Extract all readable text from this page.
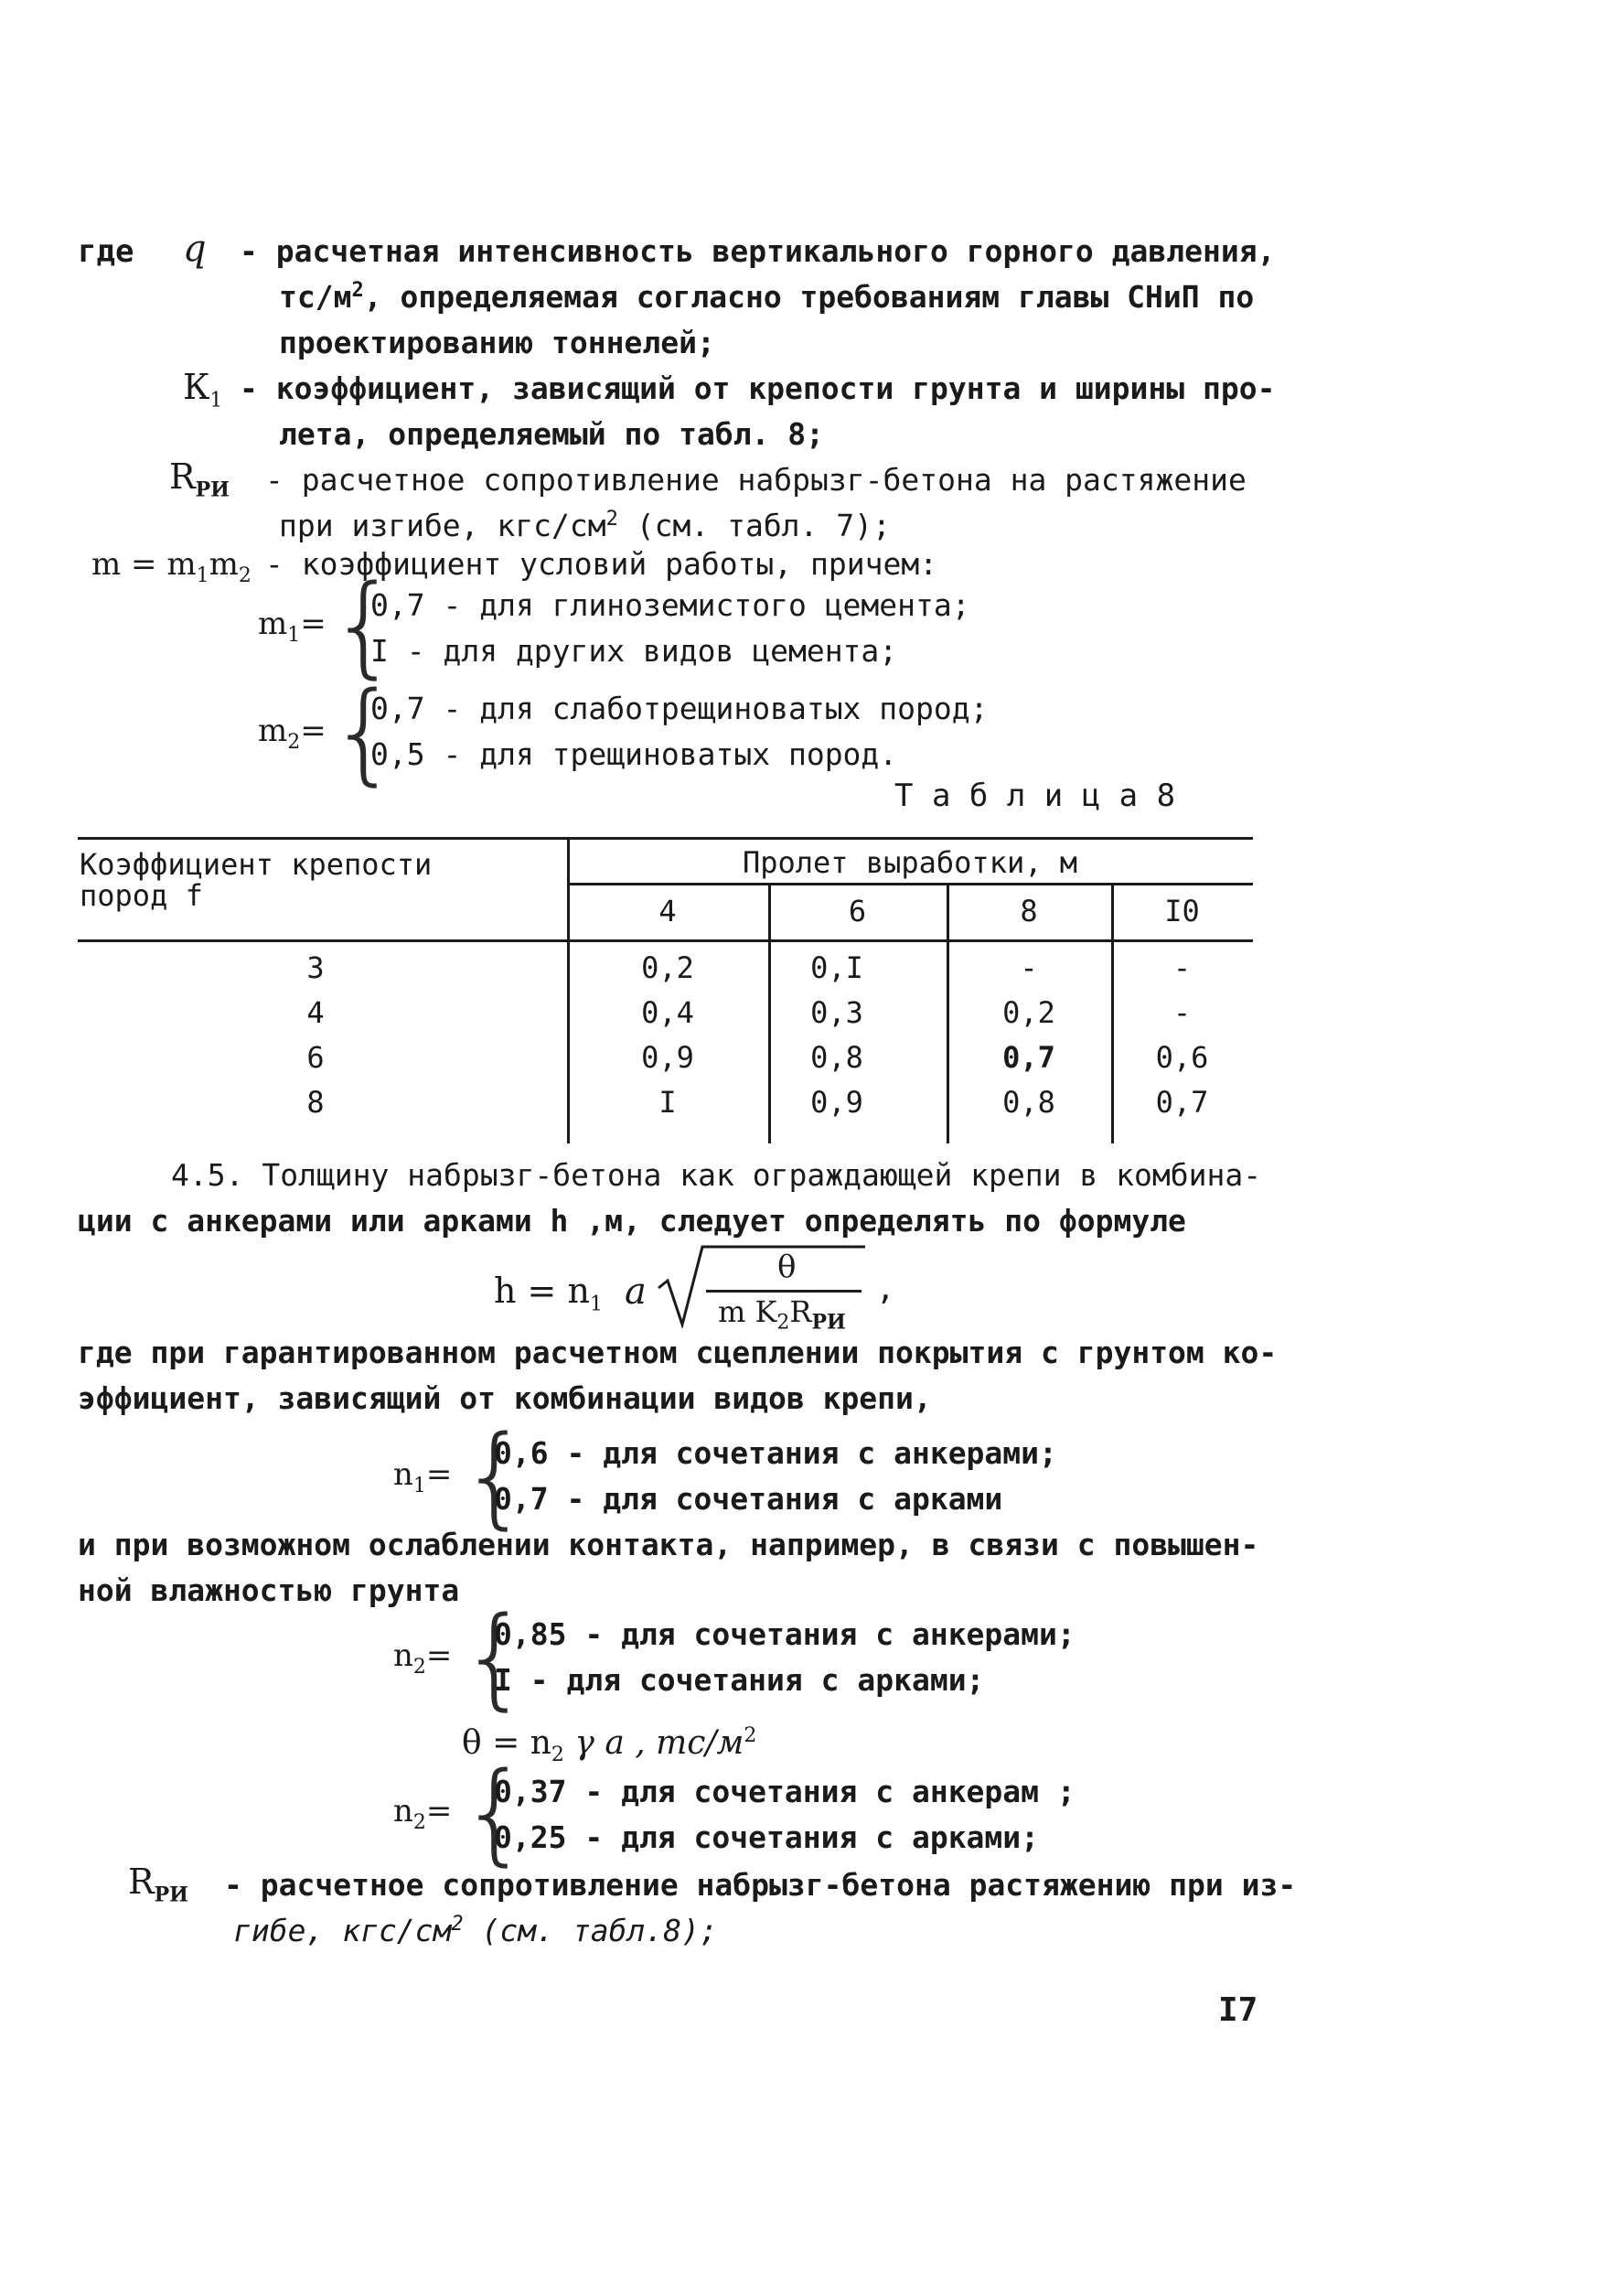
где q - расчетная интенсивность вертикального горного давления,
$тс/м^2$, определяемая согласно требованиям главы СНиП по
проектированию тоннелей;
$К_1$ - коэффициент, зависящий от крепости грунта и ширины про-
лета, определяемый по табл. 8;
$R_{РИ}$ - расчетное сопротивление набрызг-бетона на растяжение
при изгибе, кгс/$см^2$ (см. табл. 7);
$m = m_1m_2$ - коэффициент условий работы, причем:
$m_1=$ {
0,7 - для глиноземистого цемента;
I - для других видов цемента;
$m_2=$ {
0,7 - для слаботрещиноватых пород;
0,5 - для трещиноватых пород.
Т а б л и ц а 8
Коэффициент крепости
пород f
Пролет выработки, м
4	6	8	I0
3	0,2	0,I	-	-
4	0,4	0,3	0,2	-
6	0,9	0,8	0,7	0,6
8	I	0,9	0,8	0,7
4.5. Толщину набрызг-бетона как ограждающей крепи в комбина-
ции с анкерами или арками h ,м, следует определять по формуле
$h = n_1$ a
θ
m $K_2R_{РИ}$
,
где при гарантированном расчетном сцеплении покрытия с грунтом ко-
эффициент, зависящий от комбинации видов крепи,
$n_1=$ {
0,6 - для сочетания с анкерами;
0,7 - для сочетания с арками
и при возможном ослаблении контакта, например, в связи с повышен-
ной влажностью грунта
$n_2=$ {
0,85 - для сочетания с анкерами;
I - для сочетания с арками;
$\theta = n_2$ γ a , $тс/м^2$
$n_2=$ {
0,37 - для сочетания с анкерам ;
0,25 - для сочетания с арками;
$R_{РИ}$ - расчетное сопротивление набрызг-бетона растяжению при из-
гибе, кгс/$см^2$ (см. табл.8);
I7
